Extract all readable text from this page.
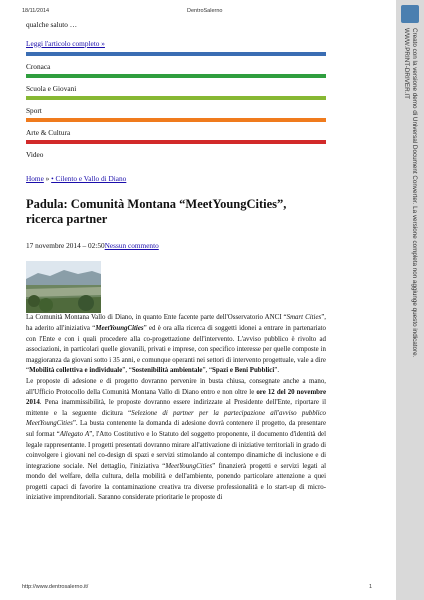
18/11/2014	DentroSalerno
qualche saluto …
Leggi l'articolo completo »
Cronaca
Scuola e Giovani
Sport
Arte & Cultura
Video
Home » • Cilento e Vallo di Diano
Padula: Comunità Montana “MeetYoungCities”, ricerca partner
17 novembre 2014 – 02:50Nessun commento
La Comunità Montana Vallo di Diano, in quanto Ente facente parte dell'Osservatorio ANCI “Smart Cities”, ha aderito all'iniziativa “MeetYoungCities” ed è ora alla ricerca di soggetti idonei a entrare in partenariato con l'Ente e con i quali procedere alla co-progettazione dell'intervento. L'avviso pubblico è rivolto ad associazioni, in particolari quelle giovanili, privati e imprese, con specifico interesse per quelle composte in maggioranza da giovani sotto i 35 anni, e comunque operanti nei settori di intervento progettuale, vale a dire “Mobilità collettiva e individuale”, “Sostenibilità ambientale”, “Spazi e Beni Pubblici”.
Le proposte di adesione e di progetto dovranno pervenire in busta chiusa, consegnate anche a mano, all'Ufficio Protocollo della Comunità Montana Vallo di Diano entro e non oltre le ore 12 del 20 novembre 2014. Pena inammissibilità, le proposte dovranno essere indirizzate al Presidente dell'Ente, riportare il mittente e la seguente dicitura “Selezione di partner per la partecipazione all'avviso pubblico MeetYoungCities”. La busta contenente la domanda di adesione dovrà contenere il progetto, da presentare sul format “Allegato A”, l'Atto Costitutivo e lo Statuto del soggetto proponente, il documento d'identità del legale rappresentante. I progetti presentati dovranno mirare all'attivazione di iniziative territoriali in grado di coinvolgere i giovani nel co-design di spazi e servizi stimolando al contempo dinamiche di inclusione e di integrazione sociale. Nel dettaglio, l'iniziativa “MeetYoungCities” finanzierà progetti e servizi legati al mondo del welfare, della cultura, della mobilità e dell'ambiente, ponendo particolare attenzione a quei progetti capaci di favorire la contaminazione creativa tra diverse professionalità e lo start-up di micro-iniziative imprenditoriali. Saranno considerate prioritarie le proposte di
http://www.dentrosalerno.it/	1
Creato con la versione demo di Universal Document Converter. La versione completa non aggiunge questo indicatore.
WWW.PRINT-DRIVER.IT
